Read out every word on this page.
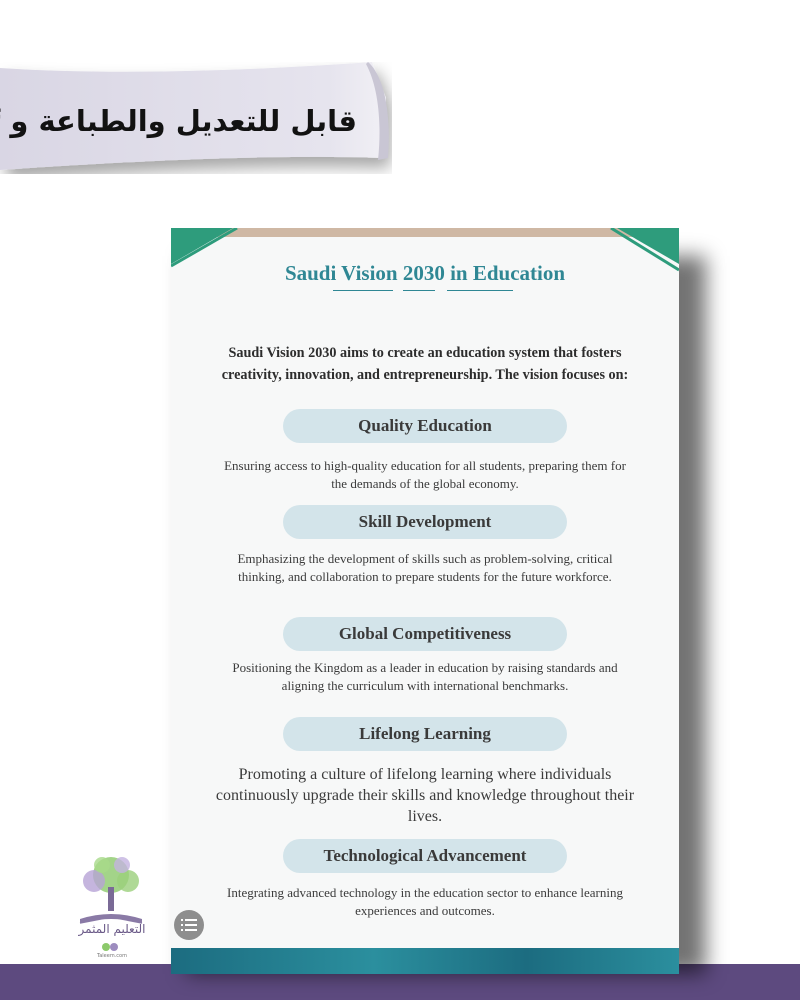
قابل للتعديل والطباعة و
Saudi Vision 2030 in Education
Saudi Vision 2030 aims to create an education system that fosters creativity, innovation, and entrepreneurship. The vision focuses on:
Quality Education
Ensuring access to high-quality education for all students, preparing them for the demands of the global economy.
Skill Development
Emphasizing the development of skills such as problem-solving, critical thinking, and collaboration to prepare students for the future workforce.
Global Competitiveness
Positioning the Kingdom as a leader in education by raising standards and aligning the curriculum with international benchmarks.
Lifelong Learning
Promoting a culture of lifelong learning where individuals continuously upgrade their skills and knowledge throughout their lives.
Technological Advancement
Integrating advanced technology in the education sector to enhance learning experiences and outcomes.
التعليم المثمر
Taleem.com
